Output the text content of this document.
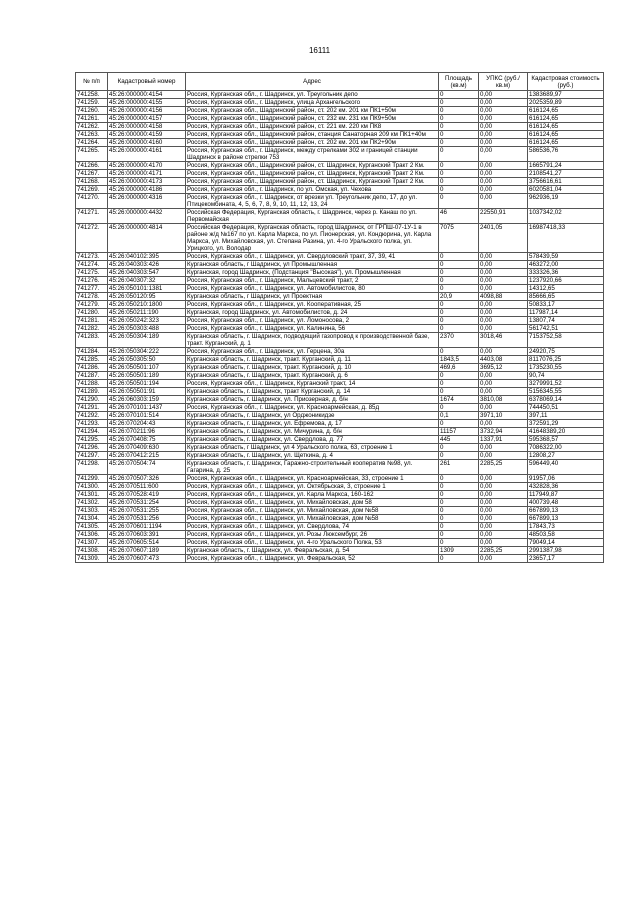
16111
№ п/п	Кадастровый номер	Адрес	Площадь (кв.м)	УПКС (руб./кв.м)	Кадастровая стоимость (руб.)
741258.	45:26:000000:4154	Россия, Курганская обл., г. Шадринск, ул. Треугольник депо	0	0,00	1383689,97
741259.	45:26:000000:4155	Россия, Курганская обл., г. Шадринск, улица Архангельского	0	0,00	2025359,89
741260.	45:26:000000:4156	Россия, Курганская обл., Шадринский район, ст. 202 км. 201 км ПК1+50м	0	0,00	616124,65
741261.	45:26:000000:4157	Россия, Курганская обл., Шадринский район, ст. 232 км. 231 км ПК9+50м	0	0,00	616124,65
741262.	45:26:000000:4158	Россия, Курганская обл., Шадринский район, ст. 221 км. 220 км ПК8	0	0,00	616124,65
741263.	45:26:000000:4159	Россия, Курганская обл., Шадринский район, станция Санаторная 209 км ПК1+40м	0	0,00	616124,65
741264.	45:26:000000:4160	Россия, Курганская обл., Шадринский район, ст. 202 км. 201 км ПК2+90м	0	0,00	616124,65
741265.	45:26:000000:4161	Россия, Курганская обл., г. Шадринск, между стрелками 302 и границей станции Шадринск в районе стрелки 753	0	0,00	586536,76
741266.	45:26:000000:4170	Россия, Курганская обл., Шадринский район, ст. Шадринск, Курганский Тракт 2 Км.	0	0,00	1665791,24
741267.	45:26:000000:4171	Россия, Курганская обл., Шадринский район, ст. Шадринск, Курганский Тракт 2 Км.	0	0,00	2108541,27
741268.	45:26:000000:4173	Россия, Курганская обл., Шадринский район, ст. Шадринск, Курганский Тракт 2 Км.	0	0,00	3756616,61
741269.	45:26:000000:4186	Россия, Курганская обл., г. Шадринск, по ул. Омская, ул. Чехова	0	0,00	6020581,04
741270.	45:26:000000:4316	Россия, Курганская обл., г. Шадринск, от врезки ул. Треугольник депо, 17, до ул. Птицекомбината, 4, 5, 6, 7, 8, 9, 10, 11, 12, 13, 24	0	0,00	962936,19
741271.	45:26:000000:4432	Российская Федерация, Курганская область, г. Шадринск, через р. Канаш по ул. Первомайская	46	22550,91	1037342,02
741272.	45:26:000000:4814	Российская Федерация, Курганская область, город Шадринск, от ГРПШ-07-1У-1 в районе ж/д №167 по ул. Карла Маркса, по ул. Пионерская, ул. Кондюрина, ул. Карла Маркса, ул. Михайловская, ул. Степана Разина, ул. 4-го Уральского полка, ул. Урицкого, ул. Володар	7075	2401,05	16987418,33
741273.	45:26:040102:395	Россия, Курганская обл., г. Шадринск, ул. Свердловский тракт, 37, 39, 41	0	0,00	578439,59
741274.	45:26:040303:426	Курганская область, г Шадринск, ул Промышленная	0	0,00	463272,00
741275.	45:26:040303:547	Курганская, город Шадринск, (Подстанция "Высокая"), ул. Промышленная	0	0,00	333326,36
741276.	45:26:040307:32	Россия, Курганская обл., г. Шадринск, Мальцевский тракт, 2	0	0,00	1237920,66
741277.	45:26:050101:1381	Россия, Курганская обл., г. Шадринск, ул. Автомобилистов, 80	0	0,00	14312,65
741278.	45:26:050120:95	Курганская область, г Шадринск, ул Проектная	20,9	4098,88	85666,65
741279.	45:26:050210:1800	Россия, Курганская обл., г. Шадринск, ул. Кооперативная, 25	0	0,00	50833,17
741280.	45:26:050211:190	Курганская, город Шадринск, ул. Автомобилистов, д. 24	0	0,00	117987,14
741281.	45:26:050242:323	Россия, Курганская обл., г. Шадринск, ул. Ломоносова, 2	0	0,00	13807,74
741282.	45:26:050303:488	Россия, Курганская обл., г. Шадринск, ул. Калинина, 56	0	0,00	561742,51
741283.	45:26:050304:189	Курганская область, г. Шадринск, подводящий газопровод к производственной базе, тракт. Курганский, д. 1	2370	3018,46	7153752,58
741284.	45:26:050304:222	Россия, Курганская обл., г. Шадринск, ул. Герцена, 30а	0	0,00	24920,75
741285.	45:26:050305:50	Курганская область, г. Шадринск, тракт. Курганский, д. 11	1843,5	4403,08	8117076,25
741286.	45:26:050501:107	Курганская область, г. Шадринск, тракт. Курганский, д. 10	469,6	3695,12	1735230,55
741287.	45:26:050501:189	Курганская область, г. Шадринск, тракт. Курганский, д. 6	0	0,00	90,74
741288.	45:26:050501:194	Россия, Курганская обл., г. Шадринск, Курганский тракт, 14	0	0,00	3279991,52
741289.	45:26:050501:91	Курганская область, г. Шадринск, тракт Курганский, д. 14	0	0,00	5156345,55
741290.	45:26:060303:159	Курганская область, г. Шадринск, ул. Приозерная, д. б/н	1674	3810,08	6378069,14
741291.	45:26:070101:1437	Россия, Курганская обл., г. Шадринск, ул. Красноармейская, д. 85д	0	0,00	744450,51
741292.	45:26:070101:514	Курганская область, г. Шадринск, ул Орджоникидзе	0,1	3971,10	397,11
741293.	45:26:070204:43	Курганская область, г. Шадринск, ул. Ефремова, д. 17	0	0,00	372591,29
741294.	45:26:070211:96	Курганская область, г. Шадринск, ул. Мичурина, д. б/н	11157	3732,94	41648389,20
741295.	45:26:070408:75	Курганская область, г. Шадринск, ул. Свердлова, д. 77	445	1337,91	595368,57
741296.	45:26:070409:630	Курганская область, г Шадринск, ул 4 Уральского полка, 63, строение 1	0	0,00	7086322,00
741297.	45:26:070412:215	Курганская область, г. Шадринск, ул. Щеткина, д. 4	0	0,00	12808,27
741298.	45:26:070504:74	Курганская область, г. Шадринск, Гаражно-строительный кооператив №98, ул. Гагарина, д. 25	261	2285,25	596449,40
741299.	45:26:070507:326	Россия, Курганская обл., г. Шадринск, ул. Красноармейская, 33, строение 1	0	0,00	91957,06
741300.	45:26:070511:600	Россия, Курганская обл., г. Шадринск, ул. Октябрьская, 3, строение 1	0	0,00	432828,36
741301.	45:26:070528:419	Россия, Курганская обл., г. Шадринск, ул. Карла Маркса, 160-162	0	0,00	117949,87
741302.	45:26:070531:254	Россия, Курганская обл., г. Шадринск, ул. Михайловская, дом 58	0	0,00	400739,48
741303.	45:26:070531:255	Россия, Курганская обл., г. Шадринск, ул. Михайловская, дом №58	0	0,00	667899,13
741304.	45:26:070531:256	Россия, Курганская обл., г. Шадринск, ул. Михайловская, дом №58	0	0,00	667899,13
741305.	45:26:070601:1194	Россия, Курганская обл., г. Шадринск, ул. Свердлова, 74	0	0,00	17843,73
741306.	45:26:070603:391	Россия, Курганская обл., г. Шадринск, ул. Розы Люксембург, 26	0	0,00	48503,58
741307.	45:26:070605:514	Россия, Курганская обл., г. Шадринск, ул. 4-го Уральского Полка, 53	0	0,00	79049,14
741308.	45:26:070607:189	Курганская область, г. Шадринск, ул. Февральская, д. 54	1309	2285,25	2991387,98
741309.	45:26:070607:473	Россия, Курганская обл., г. Шадринск, ул. Февральская, 52	0	0,00	23657,17
